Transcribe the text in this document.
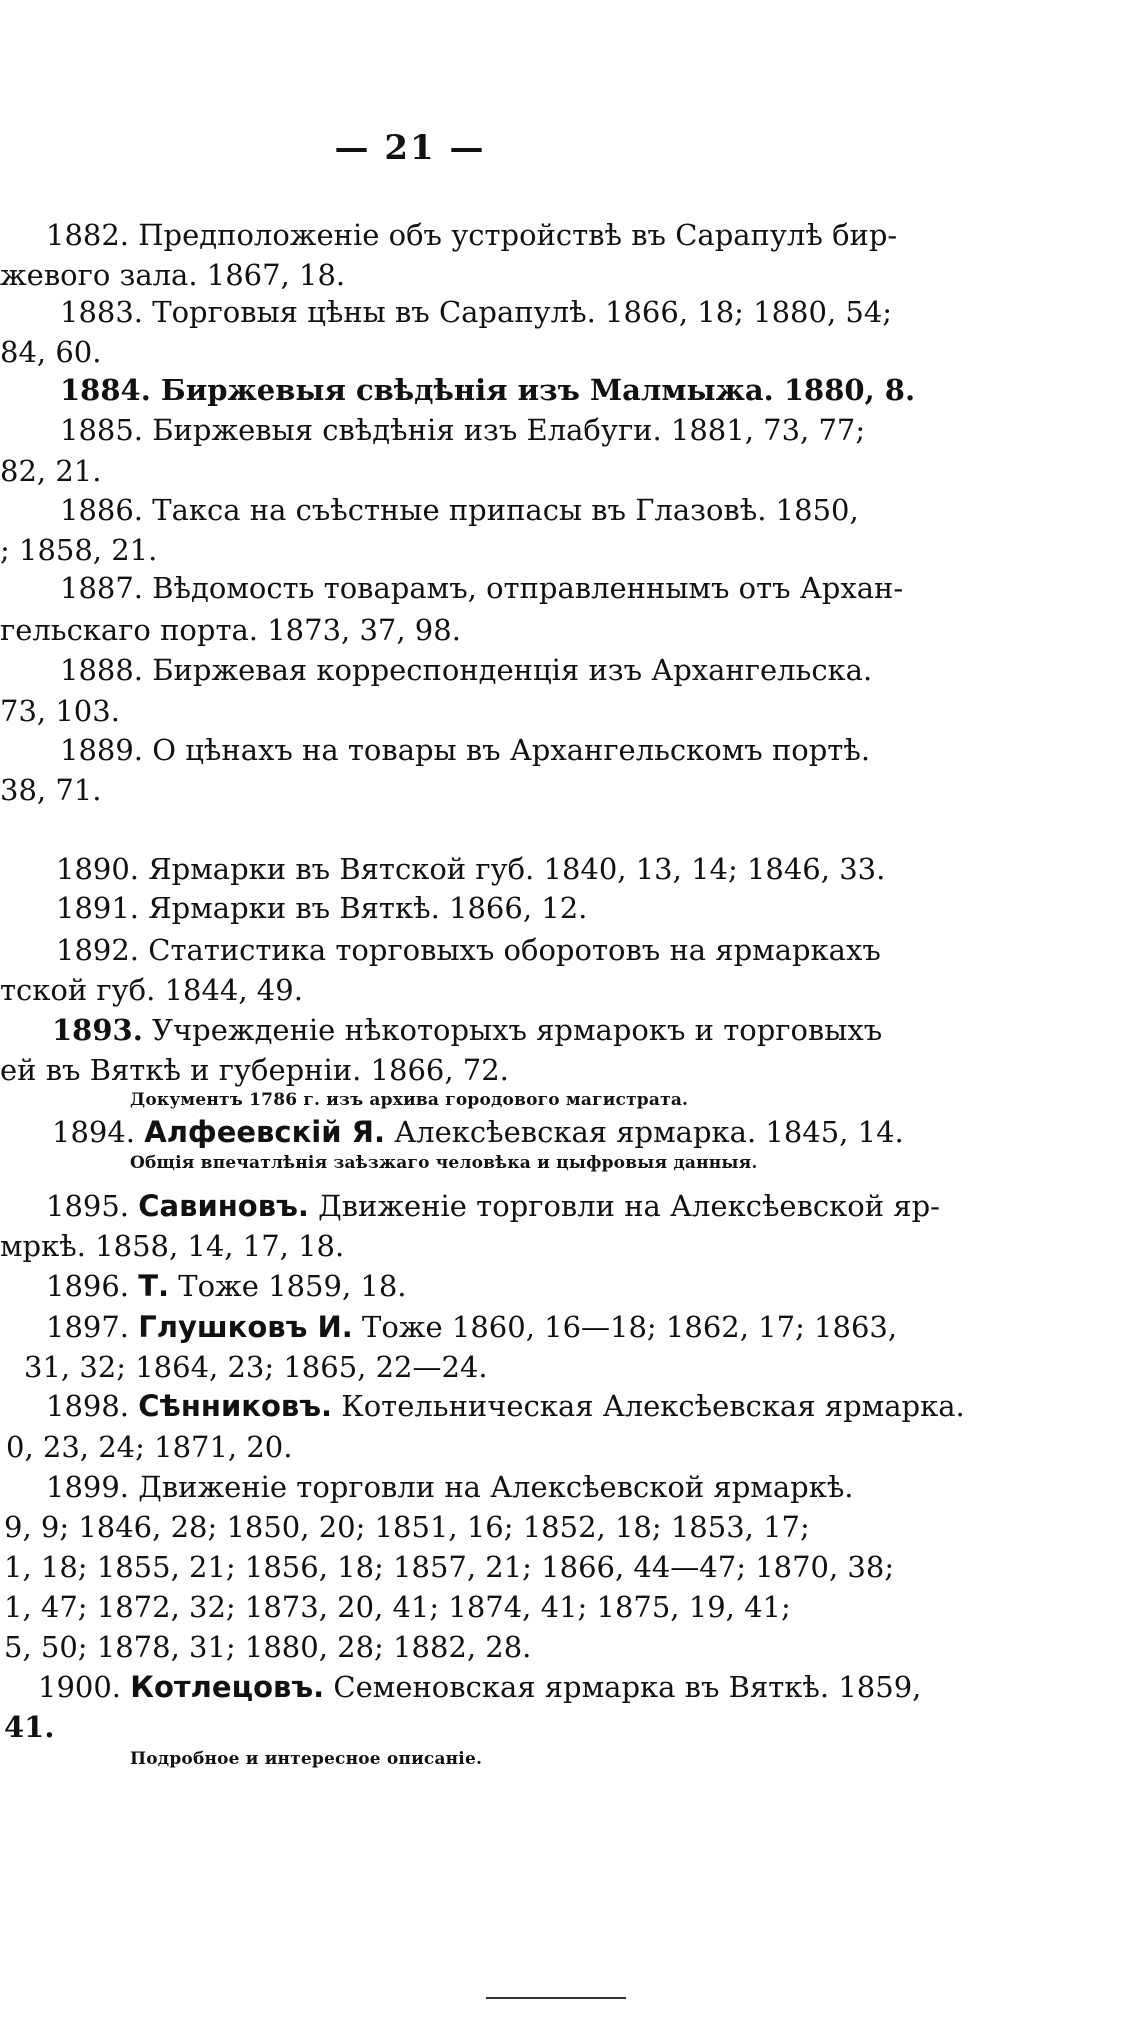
— 21 —
1882. Предположеніе объ устройствѣ въ Сарапулѣ бир-
жевого зала. 1867, 18.
1883. Торговыя цѣны въ Сарапулѣ. 1866, 18; 1880, 54;
84, 60.
1884. Биржевыя свѣдѣнія изъ Малмыжа. 1880, 8.
1885. Биржевыя свѣдѣнія изъ Елабуги. 1881, 73, 77;
82, 21.
1886. Такса на съѣстные припасы въ Глазовѣ. 1850,
; 1858, 21.
1887. Вѣдомость товарамъ, отправленнымъ отъ Архан-
гельскаго порта. 1873, 37, 98.
1888. Биржевая корреспонденція изъ Архангельска.
73, 103.
1889. О цѣнахъ на товары въ Архангельскомъ портѣ.
38, 71.
1890. Ярмарки въ Вятской губ. 1840, 13, 14; 1846, 33.
1891. Ярмарки въ Вяткѣ. 1866, 12.
1892. Статистика торговыхъ оборотовъ на ярмаркахъ
тской губ. 1844, 49.
1893. Учрежденіе нѣкоторыхъ ярмарокъ и торговыхъ
ей въ Вяткѣ и губерніи. 1866, 72.
Документъ 1786 г. изъ архива городового магистрата.
1894. Алфеевскій Я. Алексѣевская ярмарка. 1845, 14.
Общія впечатлѣнія заѣзжаго человѣка и цыфровыя данныя.
1895. Савиновъ. Движеніе торговли на Алексѣевской яр-
мркѣ. 1858, 14, 17, 18.
1896. Т. Тоже 1859, 18.
1897. Глушковъ И. Тоже 1860, 16—18; 1862, 17; 1863,
31, 32; 1864, 23; 1865, 22—24.
1898. Сѣнниковъ. Котельническая Алексѣевская ярмарка.
0, 23, 24; 1871, 20.
1899. Движеніе торговли на Алексѣевской ярмаркѣ.
9, 9; 1846, 28; 1850, 20; 1851, 16; 1852, 18; 1853, 17;
1, 18; 1855, 21; 1856, 18; 1857, 21; 1866, 44—47; 1870, 38;
1, 47; 1872, 32; 1873, 20, 41; 1874, 41; 1875, 19, 41;
5, 50; 1878, 31; 1880, 28; 1882, 28.
1900. Котлецовъ. Семеновская ярмарка въ Вяткѣ. 1859,
41.
Подробное и интересное описаніе.
